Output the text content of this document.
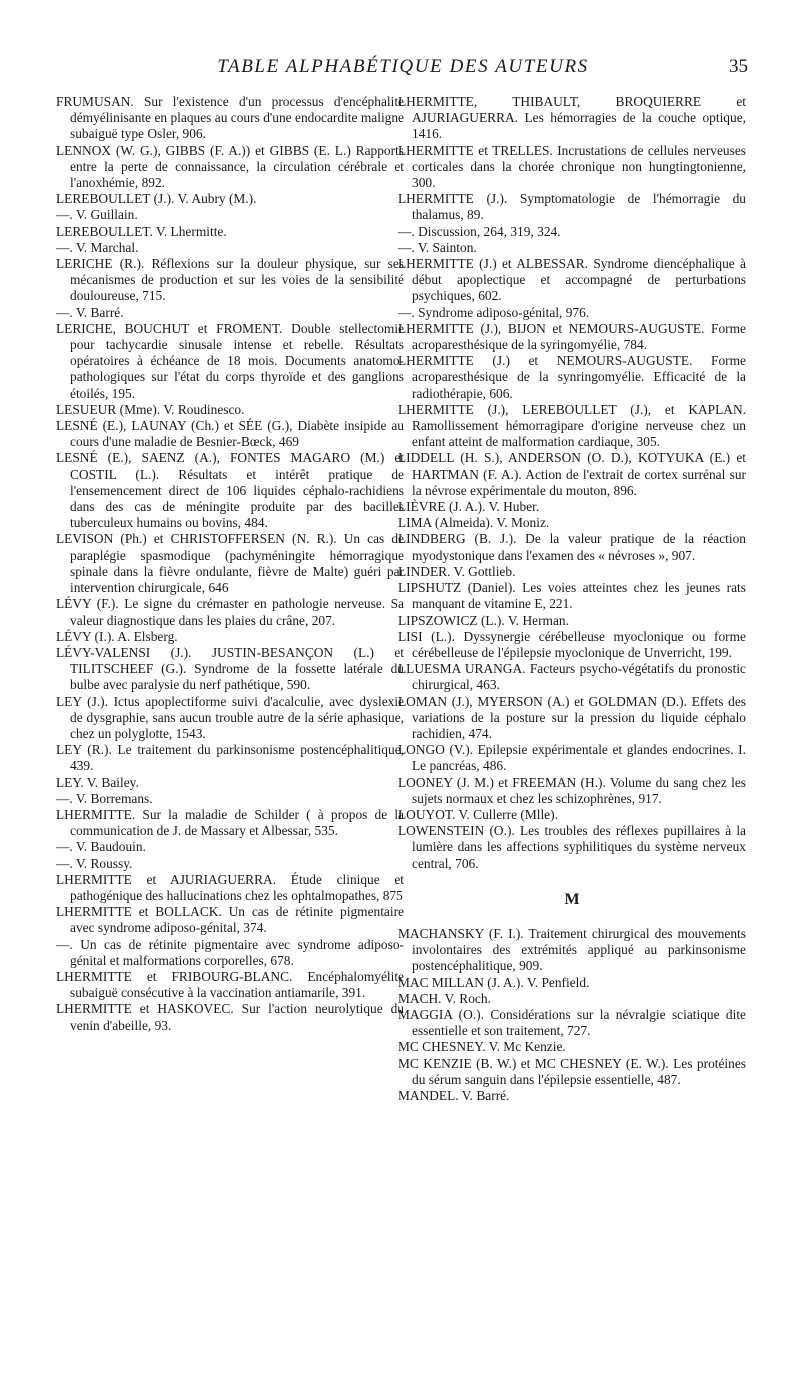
TABLE ALPHABÉTIQUE DES AUTEURS	35

FRUMUSAN. Sur l'existence d'un processus d'encéphalite démyélinisante en plaques au cours d'une endocardite maligne subaiguë type Osler, 906.

LENNOX (W. G.), GIBBS (F. A.)) et GIBBS (E. L.) Rapports entre la perte de connaissance, la circulation cérébrale et l'anoxhémie, 892.

LEREBOULLET (J.). V. Aubry (M.).

—. V. Guillain.

LEREBOULLET. V. Lhermitte.

—. V. Marchal.

LERICHE (R.). Réflexions sur la douleur physique, sur ses mécanismes de production et sur les voies de la sensibilité douloureuse, 715.

—. V. Barré.

LERICHE, BOUCHUT et FROMENT. Double stellectomie pour tachycardie sinusale intense et rebelle. Résultats opératoires à échéance de 18 mois. Documents anatomo-pathologiques sur l'état du corps thyroïde et des ganglions étoilés, 195.

LESUEUR (Mme). V. Roudinesco.

LESNÉ (E.), LAUNAY (Ch.) et SÉE (G.), Diabète insipide au cours d'une maladie de Besnier-Bœck, 469

LESNÉ (E.), SAENZ (A.), FONTES MAGARO (M.) et COSTIL (L.). Résultats et intérêt pratique de l'ensemencement direct de 106 liquides céphalo-rachidiens dans des cas de méningite produite par des bacilles tuberculeux humains ou bovins, 484.

LEVISON (Ph.) et CHRISTOFFERSEN (N. R.). Un cas de paraplégie spasmodique (pachyméningite hémorragique spinale dans la fièvre ondulante, fièvre de Malte) guéri par intervention chirurgicale, 646

LÉVY (F.). Le signe du crémaster en pathologie nerveuse. Sa valeur diagnostique dans les plaies du crâne, 207.

LÉVY (I.). A. Elsberg.

LÉVY-VALENSI (J.). JUSTIN-BESANÇON (L.) et TILITSCHEEF (G.). Syndrome de la fossette latérale du bulbe avec paralysie du nerf pathétique, 590.

LEY (J.). Ictus apoplectiforme suivi d'acalculie, avec dyslexie de dysgraphie, sans aucun trouble autre de la série aphasique, chez un polyglotte, 1543.

LEY (R.). Le traitement du parkinsonisme postencéphalitique, 439.

LEY. V. Bailey.

—. V. Borremans.

LHERMITTE. Sur la maladie de Schilder ( à propos de la communication de J. de Massary et Albessar, 535.

—. V. Baudouin.

—. V. Roussy.

LHERMITTE et AJURIAGUERRA. Étude clinique et pathogénique des hallucinations chez les ophtalmopathes, 875

LHERMITTE et BOLLACK. Un cas de rétinite pigmentaire avec syndrome adiposo-génital, 374.

—. Un cas de rétinite pigmentaire avec syndrome adiposo-génital et malformations corporelles, 678.

LHERMITTE et FRIBOURG-BLANC. Encéphalomyélite subaiguë consécutive à la vaccination antiamarile, 391.

LHERMITTE et HASKOVEC. Sur l'action neurolytique du venin d'abeille, 93.

LHERMITTE, THIBAULT, BROQUIERRE et AJURIAGUERRA. Les hémorragies de la couche optique, 1416.

LHERMITTE et TRELLES. Incrustations de cellules nerveuses corticales dans la chorée chronique non hungtingtonienne, 300.

LHERMITTE (J.). Symptomatologie de l'hémorragie du thalamus, 89.

—. Discussion, 264, 319, 324.

—. V. Sainton.

LHERMITTE (J.) et ALBESSAR. Syndrome diencéphalique à début apoplectique et accompagné de perturbations psychiques, 602.

—. Syndrome adiposo-génital, 976.

LHERMITTE (J.), BIJON et NEMOURS-AUGUSTE. Forme acroparesthésique de la syringomyélie, 784.

LHERMITTE (J.) et NEMOURS-AUGUSTE. Forme acroparesthésique de la synringomyélie. Efficacité de la radiothérapie, 606.

LHERMITTE (J.), LEREBOULLET (J.), et KAPLAN. Ramollissement hémorragipare d'origine nerveuse chez un enfant atteint de malformation cardiaque, 305.

LIDDELL (H. S.), ANDERSON (O. D.), KOTYUKA (E.) et HARTMAN (F. A.). Action de l'extrait de cortex surrénal sur la névrose expérimentale du mouton, 896.

LIÈVRE (J. A.). V. Huber.

LIMA (Almeida). V. Moniz.

LINDBERG (B. J.). De la valeur pratique de la réaction myodystonique dans l'examen des « névroses », 907.

LINDER. V. Gottlieb.

LIPSHUTZ (Daniel). Les voies atteintes chez les jeunes rats manquant de vitamine E, 221.

LIPSZOWICZ (L.). V. Herman.

LISI (L.). Dyssynergie cérébelleuse myoclonique ou forme cérébelleuse de l'épilepsie myoclonique de Unverricht, 199.

LLUESMA URANGA. Facteurs psycho-végétatifs du pronostic chirurgical, 463.

LOMAN (J.), MYERSON (A.) et GOLDMAN (D.). Effets des variations de la posture sur la pression du liquide céphalo rachidien, 474.

LONGO (V.). Epilepsie expérimentale et glandes endocrines. I. Le pancréas, 486.

LOONEY (J. M.) et FREEMAN (H.). Volume du sang chez les sujets normaux et chez les schizophrènes, 917.

LOUYOT. V. Cullerre (Mlle).

LOWENSTEIN (O.). Les troubles des réflexes pupillaires à la lumière dans les affections syphilitiques du système nerveux central, 706.

M

MACHANSKY (F. I.). Traitement chirurgical des mouvements involontaires des extrémités appliqué au parkinsonisme postencéphalitique, 909.

MAC MILLAN (J. A.). V. Penfield.

MACH. V. Roch.

MAGGIA (O.). Considérations sur la névralgie sciatique dite essentielle et son traitement, 727.

MC CHESNEY. V. Mc Kenzie.

MC KENZIE (B. W.) et MC CHESNEY (E. W.). Les protéines du sérum sanguin dans l'épilepsie essentielle, 487.

MANDEL. V. Barré.
